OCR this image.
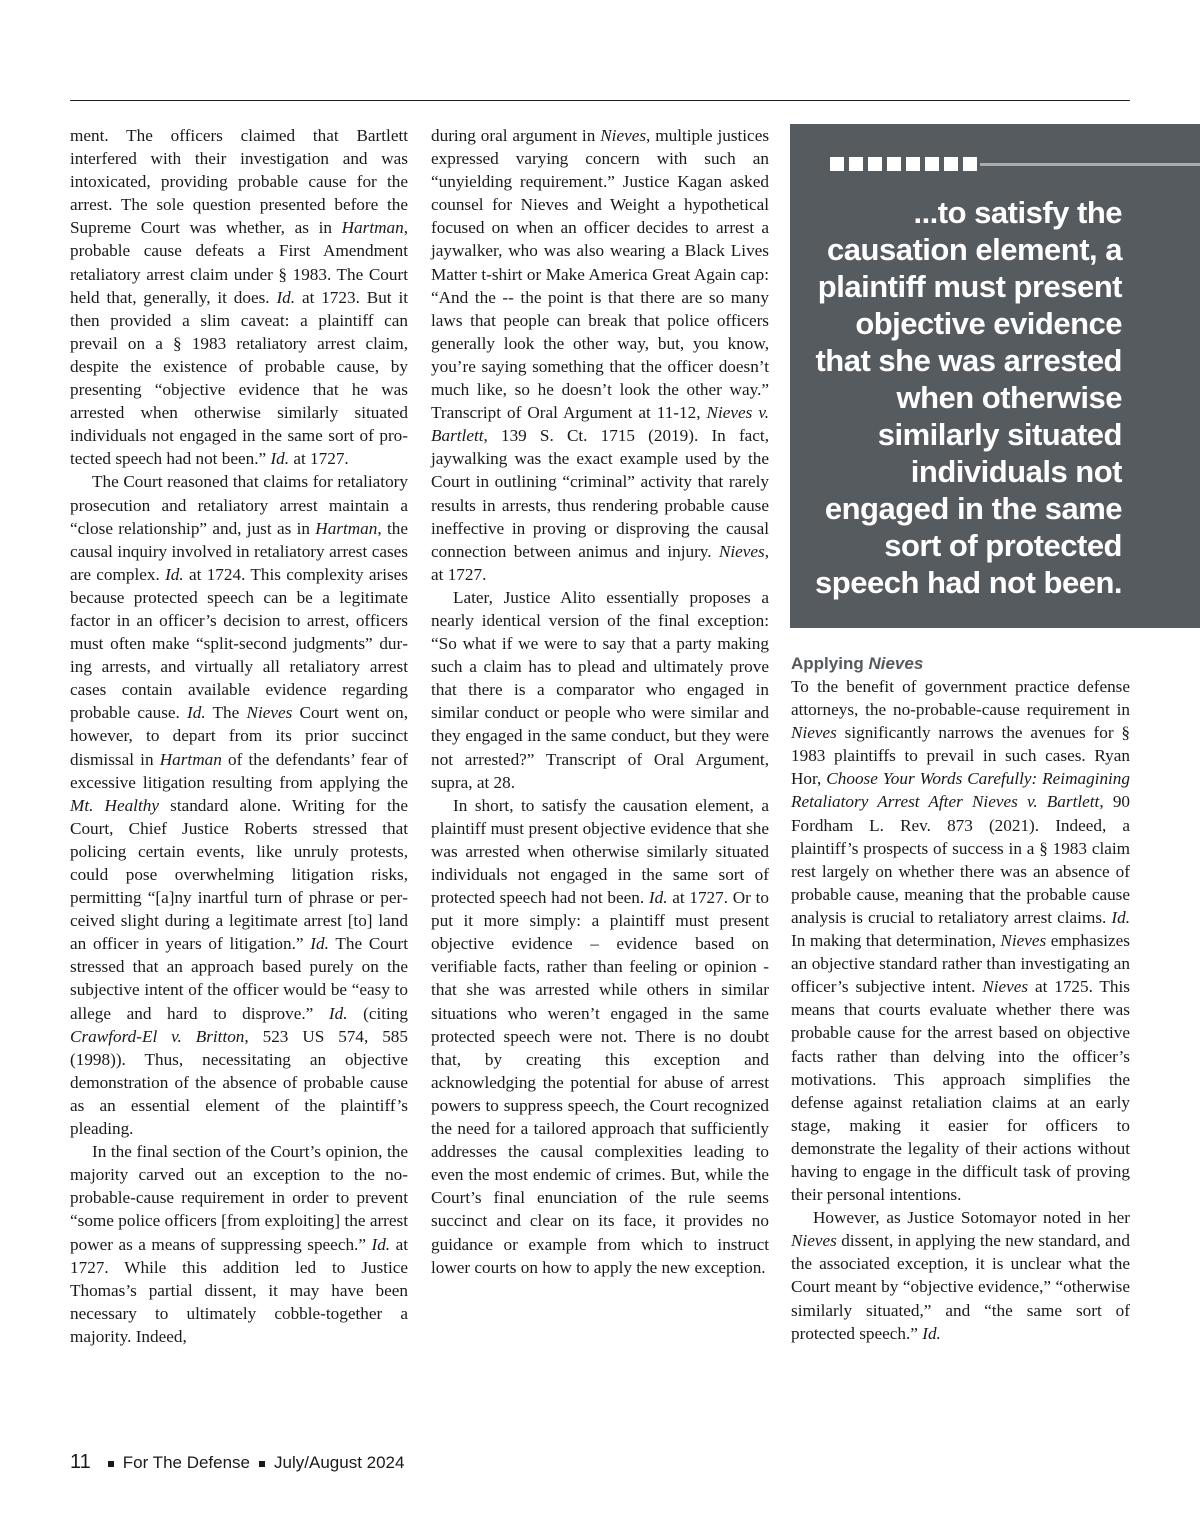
ment. The officers claimed that Bartlett interfered with their investigation and was intoxicated, providing probable cause for the arrest. The sole question presented before the Supreme Court was whether, as in Hartman, probable cause defeats a First Amendment retaliatory arrest claim under § 1983. The Court held that, generally, it does. Id. at 1723. But it then provided a slim caveat: a plaintiff can prevail on a § 1983 retaliatory arrest claim, despite the existence of probable cause, by presenting “objective evidence that he was arrested when otherwise similarly situated individuals not engaged in the same sort of protected speech had not been.” Id. at 1727.

The Court reasoned that claims for retaliatory prosecution and retaliatory arrest maintain a “close relationship” and, just as in Hartman, the causal inquiry involved in retaliatory arrest cases are complex. Id. at 1724. This complexity arises because protected speech can be a legitimate factor in an officer’s decision to arrest, officers must often make “split-second judgments” during arrests, and virtually all retaliatory arrest cases contain available evidence regarding probable cause. Id. The Nieves Court went on, however, to depart from its prior succinct dismissal in Hartman of the defendants’ fear of excessive litigation resulting from applying the Mt. Healthy standard alone. Writing for the Court, Chief Justice Roberts stressed that policing certain events, like unruly protests, could pose overwhelming litigation risks, permitting “[a]ny inartful turn of phrase or perceived slight during a legitimate arrest [to] land an officer in years of litigation.” Id. The Court stressed that an approach based purely on the subjective intent of the officer would be “easy to allege and hard to disprove.” Id. (citing Crawford-El v. Britton, 523 US 574, 585 (1998)). Thus, necessitating an objective demonstration of the absence of probable cause as an essential element of the plaintiff’s pleading.

In the final section of the Court’s opinion, the majority carved out an exception to the no-probable-cause requirement in order to prevent “some police officers [from exploiting] the arrest power as a means of suppressing speech.” Id. at 1727. While this addition led to Justice Thomas’s partial dissent, it may have been necessary to ultimately cobble-together a majority. Indeed,

during oral argument in Nieves, multiple justices expressed varying concern with such an “unyielding requirement.” Justice Kagan asked counsel for Nieves and Weight a hypothetical focused on when an officer decides to arrest a jaywalker, who was also wearing a Black Lives Matter t-shirt or Make America Great Again cap: “And the -- the point is that there are so many laws that people can break that police officers generally look the other way, but, you know, you’re saying something that the officer doesn’t much like, so he doesn’t look the other way.” Transcript of Oral Argument at 11-12, Nieves v. Bartlett, 139 S. Ct. 1715 (2019). In fact, jaywalking was the exact example used by the Court in outlining “criminal” activity that rarely results in arrests, thus rendering probable cause ineffective in proving or disproving the causal connection between animus and injury. Nieves, at 1727.

Later, Justice Alito essentially proposes a nearly identical version of the final exception: “So what if we were to say that a party making such a claim has to plead and ultimately prove that there is a comparator who engaged in similar conduct or people who were similar and they engaged in the same conduct, but they were not arrested?” Transcript of Oral Argument, supra, at 28.

In short, to satisfy the causation element, a plaintiff must present objective evidence that she was arrested when otherwise similarly situated individuals not engaged in the same sort of protected speech had not been. Id. at 1727. Or to put it more simply: a plaintiff must present objective evidence – evidence based on verifiable facts, rather than feeling or opinion - that she was arrested while others in similar situations who weren’t engaged in the same protected speech were not. There is no doubt that, by creating this exception and acknowledging the potential for abuse of arrest powers to suppress speech, the Court recognized the need for a tailored approach that sufficiently addresses the causal complexities leading to even the most endemic of crimes. But, while the Court’s final enunciation of the rule seems succinct and clear on its face, it provides no guidance or example from which to instruct lower courts on how to apply the new exception.

...to satisfy the causation element, a plaintiff must present objective evidence that she was arrested when otherwise similarly situated individuals not engaged in the same sort of protected speech had not been.
Applying Nieves

To the benefit of government practice defense attorneys, the no-probable-cause requirement in Nieves significantly narrows the avenues for § 1983 plaintiffs to prevail in such cases. Ryan Hor, Choose Your Words Carefully: Reimagining Retaliatory Arrest After Nieves v. Bartlett, 90 Fordham L. Rev. 873 (2021). Indeed, a plaintiff’s prospects of success in a § 1983 claim rest largely on whether there was an absence of probable cause, meaning that the probable cause analysis is crucial to retaliatory arrest claims. Id. In making that determination, Nieves emphasizes an objective standard rather than investigating an officer’s subjective intent. Nieves at 1725. This means that courts evaluate whether there was probable cause for the arrest based on objective facts rather than delving into the officer’s motivations. This approach simplifies the defense against retaliation claims at an early stage, making it easier for officers to demonstrate the legality of their actions without having to engage in the difficult task of proving their personal intentions.

However, as Justice Sotomayor noted in her Nieves dissent, in applying the new standard, and the associated exception, it is unclear what the Court meant by “objective evidence,” “otherwise similarly situated,” and “the same sort of protected speech.” Id.

11 For The Defense July/August 2024
